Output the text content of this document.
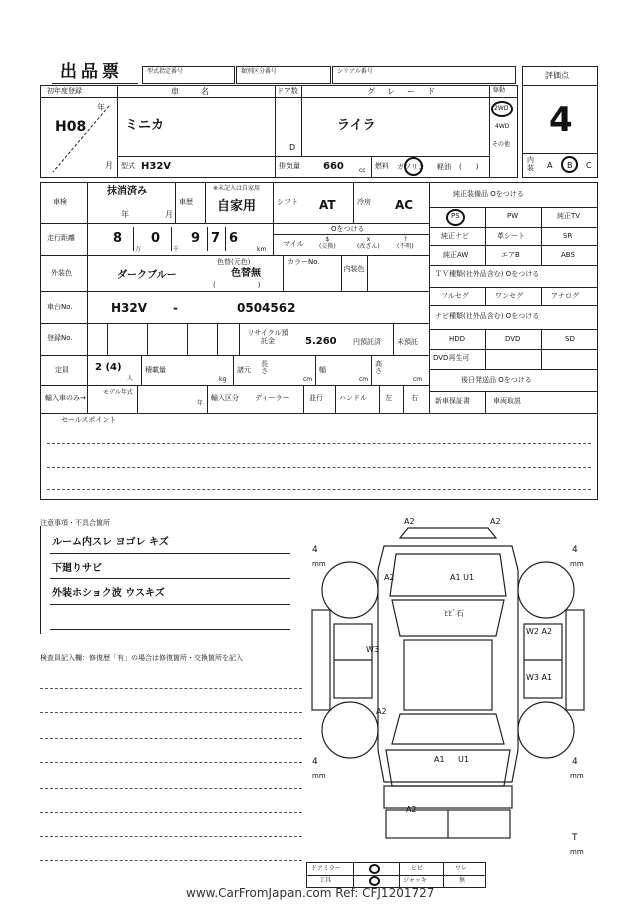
出品票	型式指定番号	類別区分番号	シリアル番号	評価点
4
内装	A B C
初年度登録
年
H08
月
車　　名
ミニカ
ドア数
D
グ　レ　ー　ド
ライラ
駆動
2WD
4WD
その他
型式 H32V	排気量 660	cc
燃料 ガソリン 軽油 (　　)
車検
抹消済み
年	月
車歴
※未記入は自家用
自家用	シフト AT	冷房 AC
走行距離	8
万
0
千
9 7 6
km
Oをつける
マイル
$
(交換)
x
(改ざん)
?
(不明)
外装色	ダークブルー
色替(元色)
色替無
(　　　　　　)
カラーNo.
内装色
車台No.	H32V -	0504562
登録No.
リサイクル預託金	5.260 円預託済 未預託
定員	2 (4)
人
積載量
kg
諸元
長さ
cm
幅
cm
高さ
cm
輸入車のみ→
モデル年式
年
輸入区分 ディーラー	並行 ハンドル	左	右
純正装備品 Oをつける
PS	PW	純正TV
純正ナビ	革シート	SR
純正AW	エアB	ABS
ＴＶ種類(社外品含む) Oをつける
フルセグ	ワンセグ	アナログ
ナビ種類(社外品含む) Oをつける
HDD	DVD	SD
DVD再生可
後日発送品 Oをつける
新車保証書	車両取説
セールスポイント
注意事項・不具合箇所
ルーム内スレ ヨゴレ キズ
下廻りサビ
外装ホショク波 ウスキズ
検査員記入欄：修復歴「有」の場合は修復箇所・交換箇所を記入
A2	A2
A2	A1 U1
ﾋﾋﾞ石
W3
W2 A2
W3 A1
A2
A1 U1
A2
4
mm
4
mm
4
mm
4
mm
T
mm
ドアミラー	ヒビ	ワレ
工具	ジャッキ	無
www.CarFromJapan.com Ref: CFJ1201727
